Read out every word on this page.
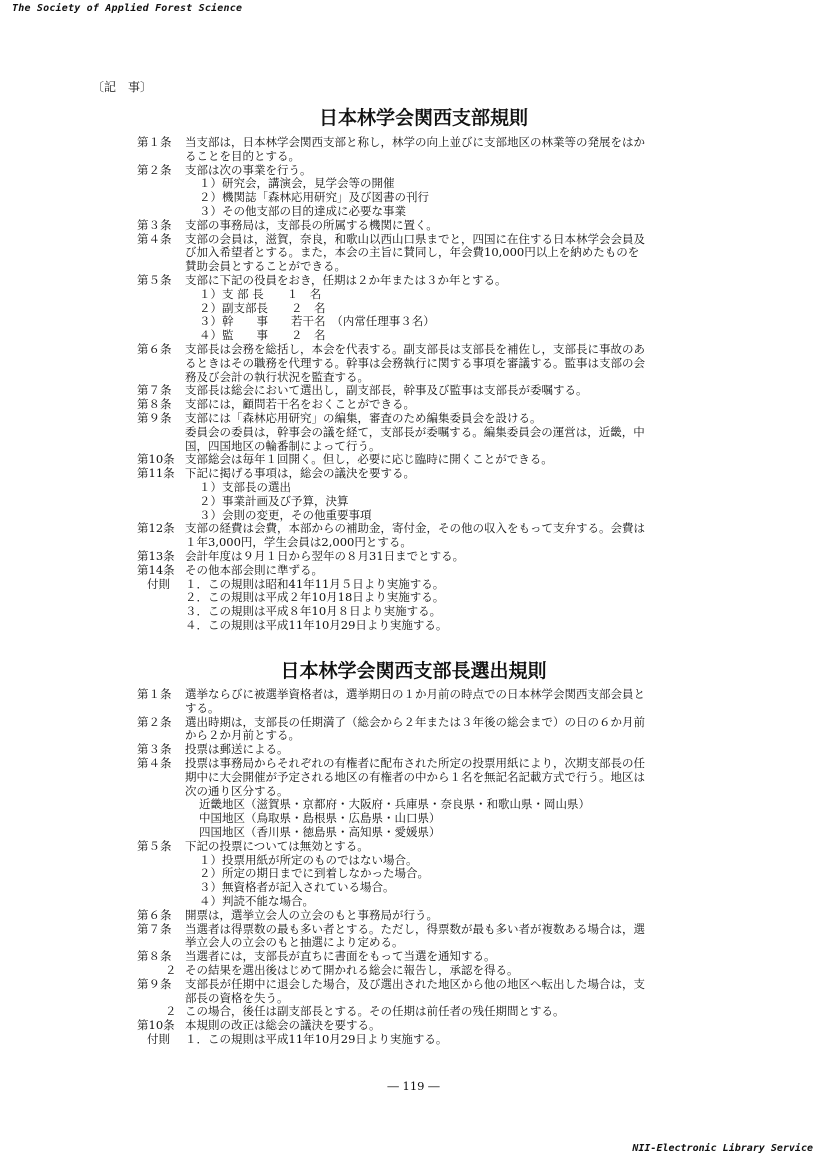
The Society of Applied Forest Science
〔記　事〕
日本林学会関西支部規則
第１条	当支部は，日本林学会関西支部と称し，林学の向上並びに支部地区の林業等の発展をはか
ることを目的とする。
第２条	支部は次の事業を行う。
１）研究会，講演会，見学会等の開催
２）機関誌「森林応用研究」及び図書の刊行
３）その他支部の目的達成に必要な事業
第３条	支部の事務局は，支部長の所属する機関に置く。
第４条	支部の会員は，滋賀，奈良，和歌山以西山口県までと，四国に在住する日本林学会会員及
び加入希望者とする。また，本会の主旨に賛同し，年会費10,000円以上を納めたものを
賛助会員とすることができる。
第５条	支部に下記の役員をおき，任期は２か年または３か年とする。
１）支 部 長　　１　名
２）副支部長　　２　名
３）幹　　事　　若干名　（内常任理事３名）
４）監　　事　　２　名
第６条	支部長は会務を総括し，本会を代表する。副支部長は支部長を補佐し，支部長に事故のあ
るときはその職務を代理する。幹事は会務執行に関する事項を審議する。監事は支部の会
務及び会計の執行状況を監査する。
第７条	支部長は総会において選出し，副支部長，幹事及び監事は支部長が委嘱する。
第８条	支部には，顧問若干名をおくことができる。
第９条	支部には「森林応用研究」の編集，審査のため編集委員会を設ける。
委員会の委員は，幹事会の議を経て，支部長が委嘱する。編集委員会の運営は，近畿，中
国，四国地区の輪番制によって行う。
第10条 支部総会は毎年１回開く。但し，必要に応じ臨時に開くことができる。
第11条 下記に掲げる事項は，総会の議決を要する。
１）支部長の選出
２）事業計画及び予算，決算
３）会則の変更，その他重要事項
第12条 支部の経費は会費，本部からの補助金，寄付金，その他の収入をもって支弁する。会費は
１年3,000円，学生会員は2,000円とする。
第13条 会計年度は９月１日から翌年の８月31日までとする。
第14条 その他本部会則に準ずる。
付則	１．この規則は昭和41年11月５日より実施する。
２．この規則は平成２年10月18日より実施する。
３．この規則は平成８年10月８日より実施する。
４．この規則は平成11年10月29日より実施する。
日本林学会関西支部長選出規則
第１条	選挙ならびに被選挙資格者は，選挙期日の１か月前の時点での日本林学会関西支部会員と
する。
第２条	選出時期は，支部長の任期満了（総会から２年または３年後の総会まで）の日の６か月前
から２か月前とする。
第３条	投票は郵送による。
第４条	投票は事務局からそれぞれの有権者に配布された所定の投票用紙により，次期支部長の任
期中に大会開催が予定される地区の有権者の中から１名を無記名記載方式で行う。地区は
次の通り区分する。
近畿地区（滋賀県・京都府・大阪府・兵庫県・奈良県・和歌山県・岡山県）
中国地区（鳥取県・島根県・広島県・山口県）
四国地区（香川県・徳島県・高知県・愛媛県）
第５条	下記の投票については無効とする。
１）投票用紙が所定のものではない場合。
２）所定の期日までに到着しなかった場合。
３）無資格者が記入されている場合。
４）判読不能な場合。
第６条	開票は，選挙立会人の立会のもと事務局が行う。
第７条	当選者は得票数の最も多い者とする。ただし，得票数が最も多い者が複数ある場合は，選
挙立会人の立会のもと抽選により定める。
第８条	当選者には，支部長が直ちに書面をもって当選を通知する。
２ その結果を選出後はじめて開かれる総会に報告し，承認を得る。
第９条	支部長が任期中に退会した場合，及び選出された地区から他の地区へ転出した場合は，支
部長の資格を失う。
２ この場合，後任は副支部長とする。その任期は前任者の残任期間とする。
第10条 本規則の改正は総会の議決を要する。
付則	１．この規則は平成11年10月29日より実施する。
― 119 ―
NII-Electronic Library Service
